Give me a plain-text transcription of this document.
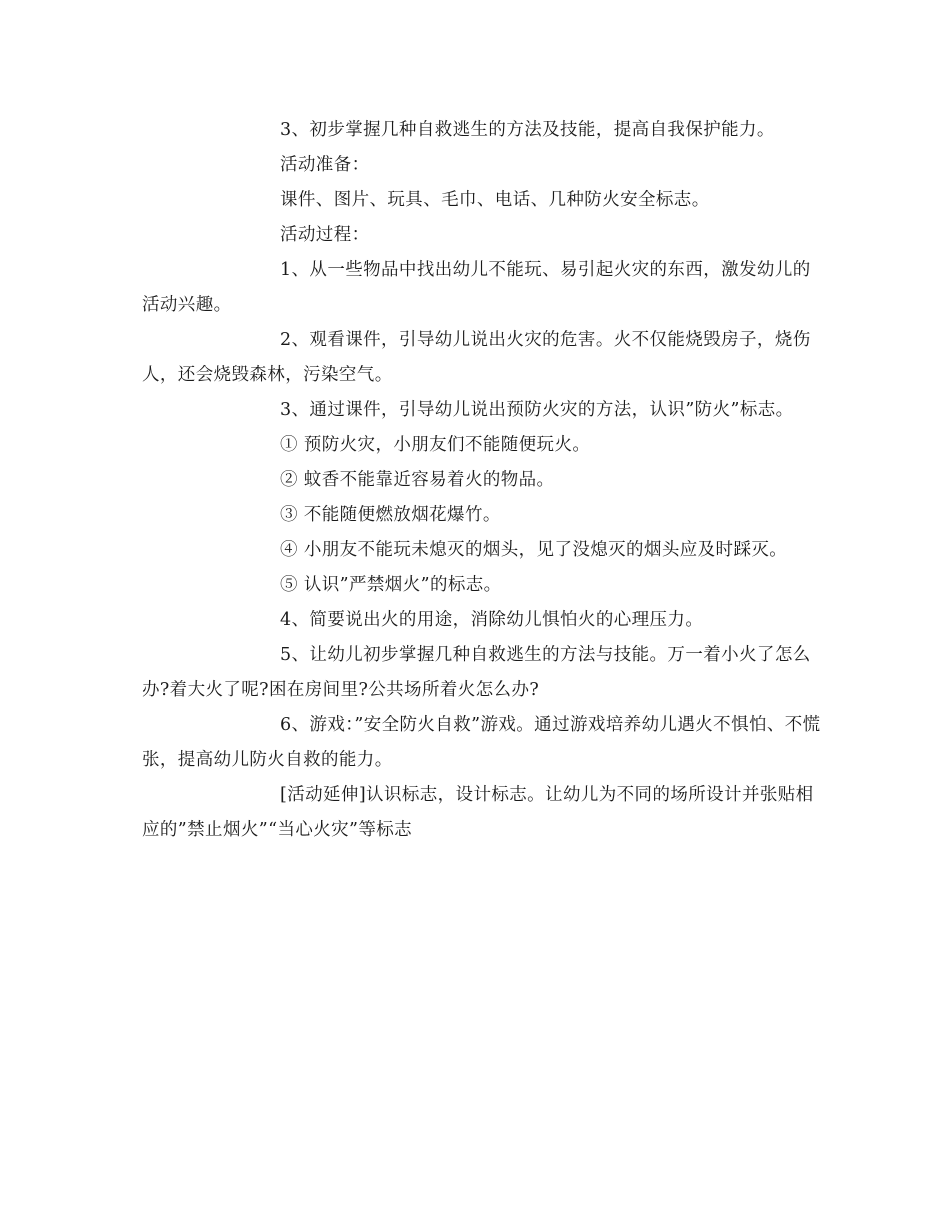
3、初步掌握几种自救逃生的方法及技能，提高自我保护能力。

活动准备：

课件、图片、玩具、毛巾、电话、几种防火安全标志。

活动过程：

1、从一些物品中找出幼儿不能玩、易引起火灾的东西，激发幼儿的活动兴趣。

2、观看课件，引导幼儿说出火灾的危害。火不仅能烧毁房子，烧伤人，还会烧毁森林，污染空气。

3、通过课件，引导幼儿说出预防火灾的方法，认识”防火”标志。

① 预防火灾，小朋友们不能随便玩火。

② 蚊香不能靠近容易着火的物品。

③ 不能随便燃放烟花爆竹。

④ 小朋友不能玩未熄灭的烟头，见了没熄灭的烟头应及时踩灭。

⑤ 认识”严禁烟火”的标志。

4、简要说出火的用途，消除幼儿惧怕火的心理压力。

5、让幼儿初步掌握几种自救逃生的方法与技能。万一着小火了怎么办?着大火了呢?困在房间里?公共场所着火怎么办?

6、游戏：”安全防火自救”游戏。通过游戏培养幼儿遇火不惧怕、不慌张，提高幼儿防火自救的能力。

[活动延伸]认识标志，设计标志。让幼儿为不同的场所设计并张贴相应的”禁止烟火”“当心火灾”等标志
